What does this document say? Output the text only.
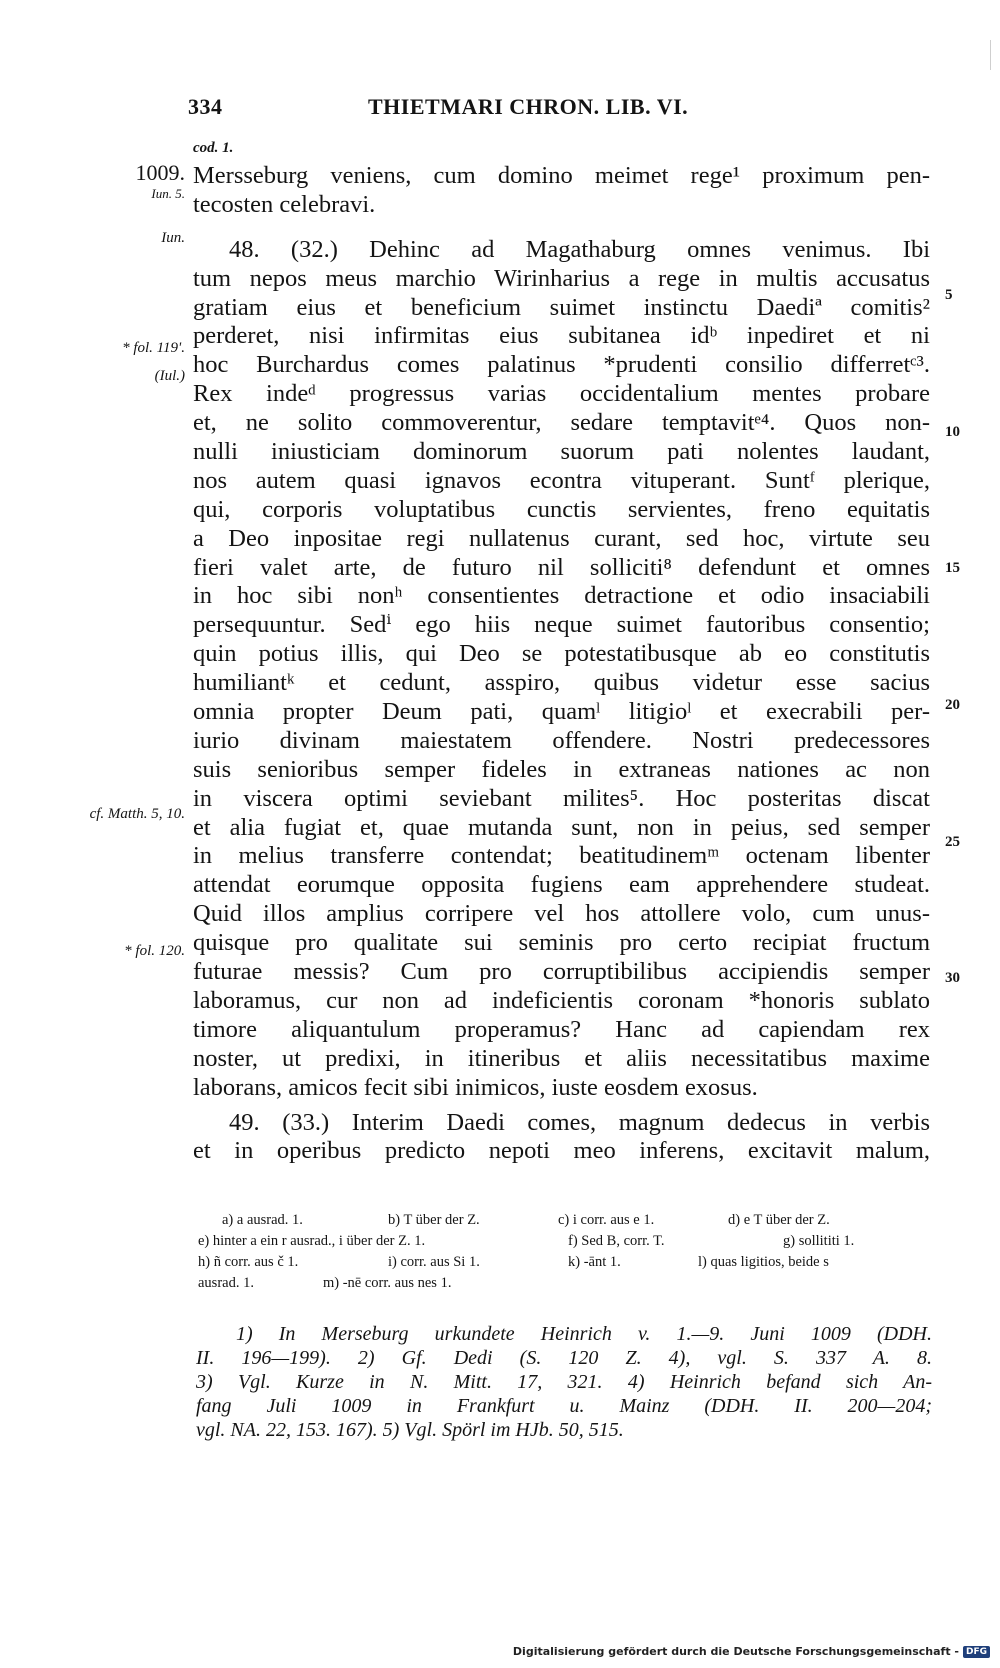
334	THIETMARI CHRON. LIB. VI.
cod. 1.
1009.
Iun. 5.
Iun.
* fol. 119'.
(Iul.)
cf. Matth. 5, 10.
* fol. 120.
5
10
15
20
25
30
Mersseburg veniens, cum domino meimet rege¹ proximum pen-
tecosten celebravi.
48. (32.) Dehinc ad Magathaburg omnes venimus. Ibi
tum nepos meus marchio Wirinharius a rege in multis accusatus
gratiam eius et beneficium suimet instinctu Daediª comitis²
perderet, nisi infirmitas eius subitanea idᵇ inpediret et ni
hoc Burchardus comes palatinus *prudenti consilio differretᶜ³.
Rex indeᵈ progressus varias occidentalium mentes probare
et, ne solito commoverentur, sedare temptavitᵉ⁴. Quos non-
nulli iniusticiam dominorum suorum pati nolentes laudant,
nos autem quasi ignavos econtra vituperant. Suntᶠ plerique,
qui, corporis voluptatibus cunctis servientes, freno equitatis
a Deo inpositae regi nullatenus curant, sed hoc, virtute seu
fieri valet arte, de futuro nil solliciti⁸ defendunt et omnes
in hoc sibi nonʰ consentientes detractione et odio insaciabili
persequuntur. Sedⁱ ego hiis neque suimet fautoribus consentio;
quin potius illis, qui Deo se potestatibusque ab eo constitutis
humiliantᵏ et cedunt, asspiro, quibus videtur esse sacius
omnia propter Deum pati, quamˡ litigioˡ et execrabili per-
iurio divinam maiestatem offendere. Nostri predecessores
suis senioribus semper fideles in extraneas nationes ac non
in viscera optimi seviebant milites⁵. Hoc posteritas discat
et alia fugiat et, quae mutanda sunt, non in peius, sed semper
in melius transferre contendat; beatitudinemᵐ octenam libenter
attendat eorumque opposita fugiens eam apprehendere studeat.
Quid illos amplius corripere vel hos attollere volo, cum unus-
quisque pro qualitate sui seminis pro certo recipiat fructum
futurae messis? Cum pro corruptibilibus accipiendis semper
laboramus, cur non ad indeficientis coronam *honoris sublato
timore aliquantulum properamus? Hanc ad capiendam rex
noster, ut predixi, in itineribus et aliis necessitatibus maxime
laborans, amicos fecit sibi inimicos, iuste eosdem exosus.
49. (33.) Interim Daedi comes, magnum dedecus in verbis
et in operibus predicto nepoti meo inferens, excitavit malum,
a) a ausrad. 1.	b) T über der Z.	c) i corr. aus e 1.	d) e T über der Z.
e) hinter a ein r ausrad., i über der Z. 1.	f) Sed B, corr. T.	g) sollititi 1.
h) ñ corr. aus č 1.	i) corr. aus Si 1.	k) -ānt 1.	l) quas ligitios, beide s
ausrad. 1.	m) -nē corr. aus nes 1.
1) In Merseburg urkundete Heinrich v. 1.—9. Juni 1009 (DDH.
II. 196—199). 2) Gf. Dedi (S. 120 Z. 4), vgl. S. 337 A. 8.
3) Vgl. Kurze in N. Mitt. 17, 321. 4) Heinrich befand sich An-
fang Juli 1009 in Frankfurt u. Mainz (DDH. II. 200—204;
vgl. NA. 22, 153. 167). 5) Vgl. Spörl im HJb. 50, 515.
Digitalisierung gefördert durch die Deutsche Forschungsgemeinschaft - DFG
